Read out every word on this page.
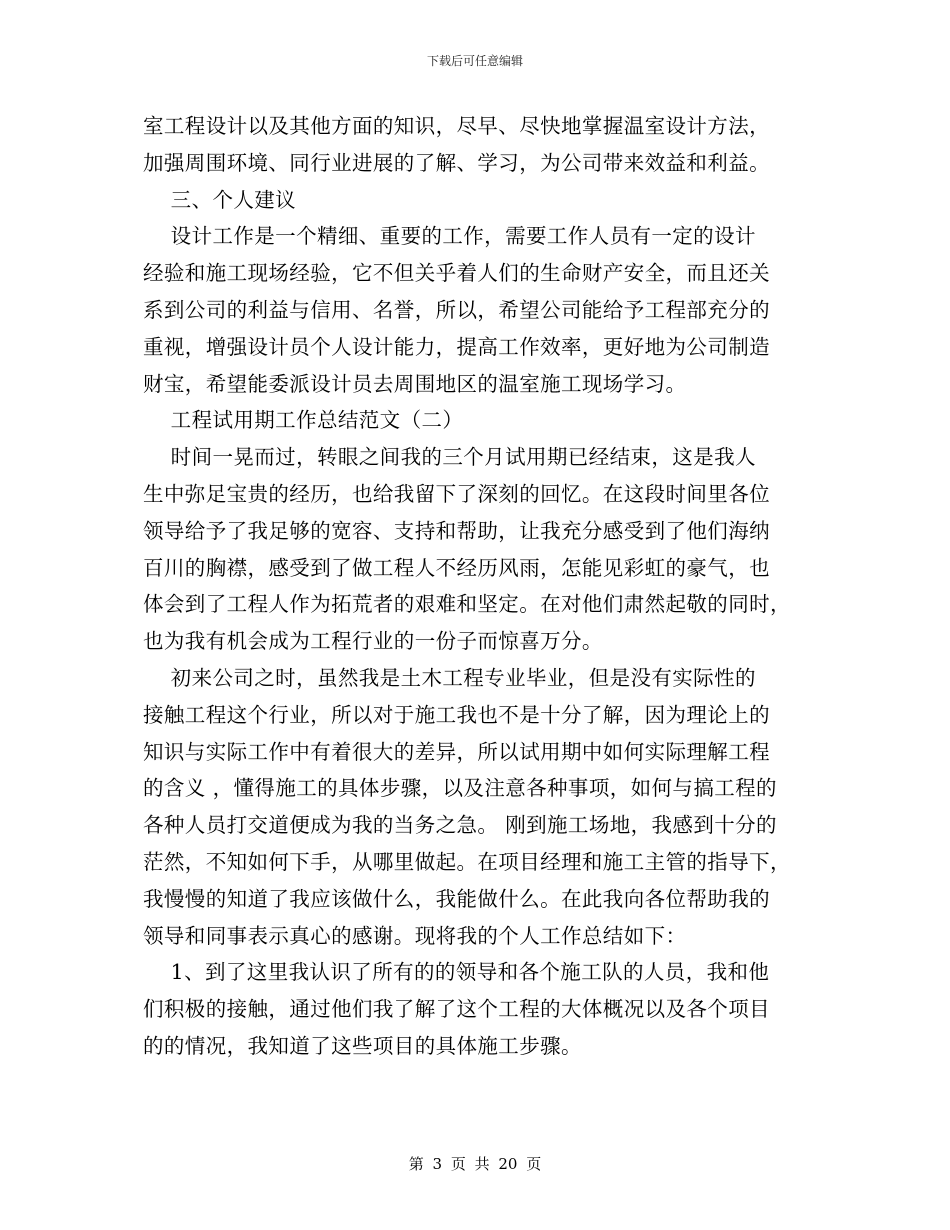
下载后可任意编辑
室工程设计以及其他方面的知识，尽早、尽快地掌握温室设计方法，
加强周围环境、同行业进展的了解、学习，为公司带来效益和利益。
三、个人建议
设计工作是一个精细、重要的工作，需要工作人员有一定的设计
经验和施工现场经验，它不但关乎着人们的生命财产安全，而且还关
系到公司的利益与信用、名誉，所以，希望公司能给予工程部充分的
重视，增强设计员个人设计能力，提高工作效率，更好地为公司制造
财宝，希望能委派设计员去周围地区的温室施工现场学习。
工程试用期工作总结范文（二）
时间一晃而过，转眼之间我的三个月试用期已经结束，这是我人
生中弥足宝贵的经历，也给我留下了深刻的回忆。在这段时间里各位
领导给予了我足够的宽容、支持和帮助，让我充分感受到了他们海纳
百川的胸襟，感受到了做工程人不经历风雨，怎能见彩虹的豪气，也
体会到了工程人作为拓荒者的艰难和坚定。在对他们肃然起敬的同时，
也为我有机会成为工程行业的一份子而惊喜万分。
初来公司之时，虽然我是土木工程专业毕业，但是没有实际性的
接触工程这个行业，所以对于施工我也不是十分了解，因为理论上的
知识与实际工作中有着很大的差异，所以试用期中如何实际理解工程
的含义 ，懂得施工的具体步骤，以及注意各种事项，如何与搞工程的
各种人员打交道便成为我的当务之急。 刚到施工场地，我感到十分的
茫然，不知如何下手，从哪里做起。在项目经理和施工主管的指导下，
我慢慢的知道了我应该做什么，我能做什么。在此我向各位帮助我的
领导和同事表示真心的感谢。现将我的个人工作总结如下：
1、到了这里我认识了所有的的领导和各个施工队的人员，我和他
们积极的接触，通过他们我了解了这个工程的大体概况以及各个项目
的的情况，我知道了这些项目的具体施工步骤。
第 3 页 共 20 页
